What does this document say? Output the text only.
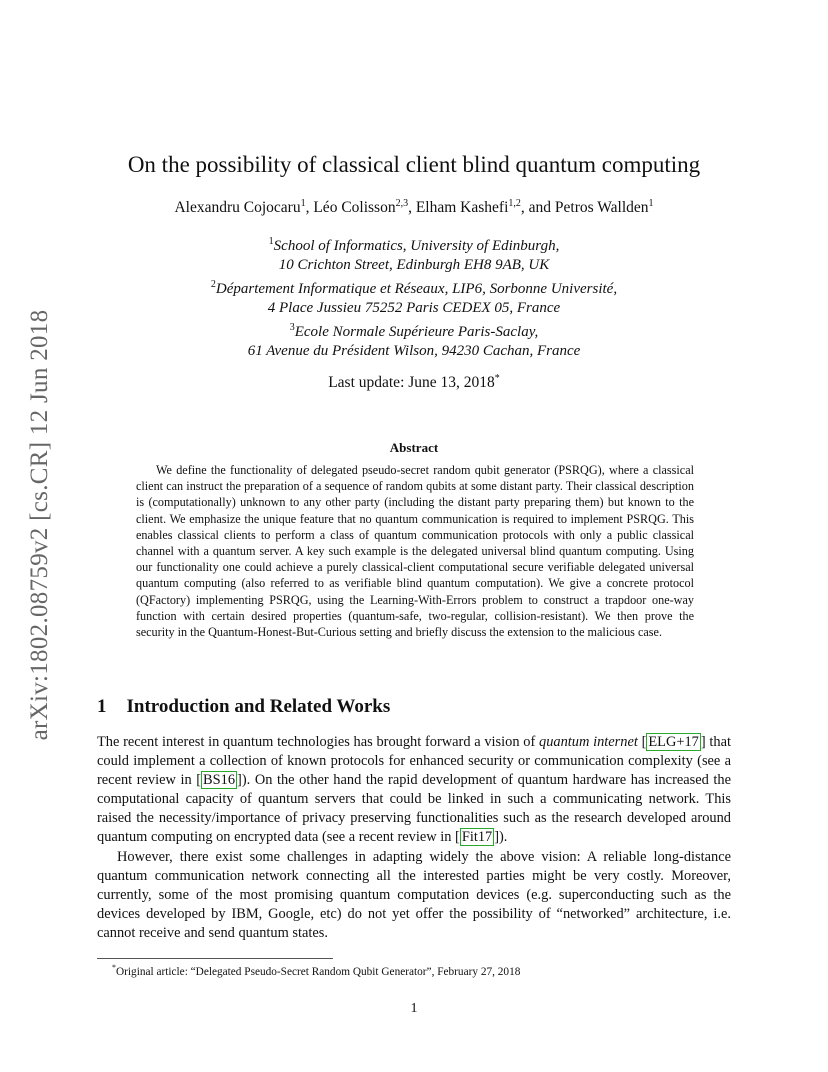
arXiv:1802.08759v2 [cs.CR] 12 Jun 2018
On the possibility of classical client blind quantum computing
Alexandru Cojocaru$^1$, Léo Colisson$^{2,3}$, Elham Kashefi$^{1,2}$, and Petros Wallden$^1$
$^1$School of Informatics, University of Edinburgh,
10 Crichton Street, Edinburgh EH8 9AB, UK
$^2$Département Informatique et Réseaux, LIP6, Sorbonne Université,
4 Place Jussieu 75252 Paris CEDEX 05, France
$^3$Ecole Normale Supérieure Paris-Saclay,
61 Avenue du Président Wilson, 94230 Cachan, France
Last update: June 13, 2018*
Abstract
We define the functionality of delegated pseudo-secret random qubit generator (PSRQG), where a classical client can instruct the preparation of a sequence of random qubits at some distant party. Their classical description is (computationally) unknown to any other party (including the distant party preparing them) but known to the client. We emphasize the unique feature that no quantum communication is required to implement PSRQG. This enables classical clients to perform a class of quantum communication protocols with only a public classical channel with a quantum server. A key such example is the delegated universal blind quantum computing. Using our functionality one could achieve a purely classical-client computational secure verifiable delegated universal quantum computing (also referred to as verifiable blind quantum computation). We give a concrete protocol (QFactory) implementing PSRQG, using the Learning-With-Errors problem to construct a trapdoor one-way function with certain desired properties (quantum-safe, two-regular, collision-resistant). We then prove the security in the Quantum-Honest-But-Curious setting and briefly discuss the extension to the malicious case.
1 Introduction and Related Works

The recent interest in quantum technologies has brought forward a vision of quantum internet [ ELG+17 ] that could implement a collection of known protocols for enhanced security or communication complexity (see a recent review in [ BS16 ]). On the other hand the rapid development of quantum hardware has increased the computational capacity of quantum servers that could be linked in such a communicating network. This raised the necessity/importance of privacy preserving functionalities such as the research developed around quantum computing on encrypted data (see a recent review in [ Fit17 ]).

However, there exist some challenges in adapting widely the above vision: A reliable long-distance quantum communication network connecting all the interested parties might be very costly. Moreover, currently, some of the most promising quantum computation devices (e.g. superconducting such as the devices developed by IBM, Google, etc) do not yet offer the possibility of “networked” architecture, i.e. cannot receive and send quantum states.

*Original article: “Delegated Pseudo-Secret Random Qubit Generator”, February 27, 2018
1
